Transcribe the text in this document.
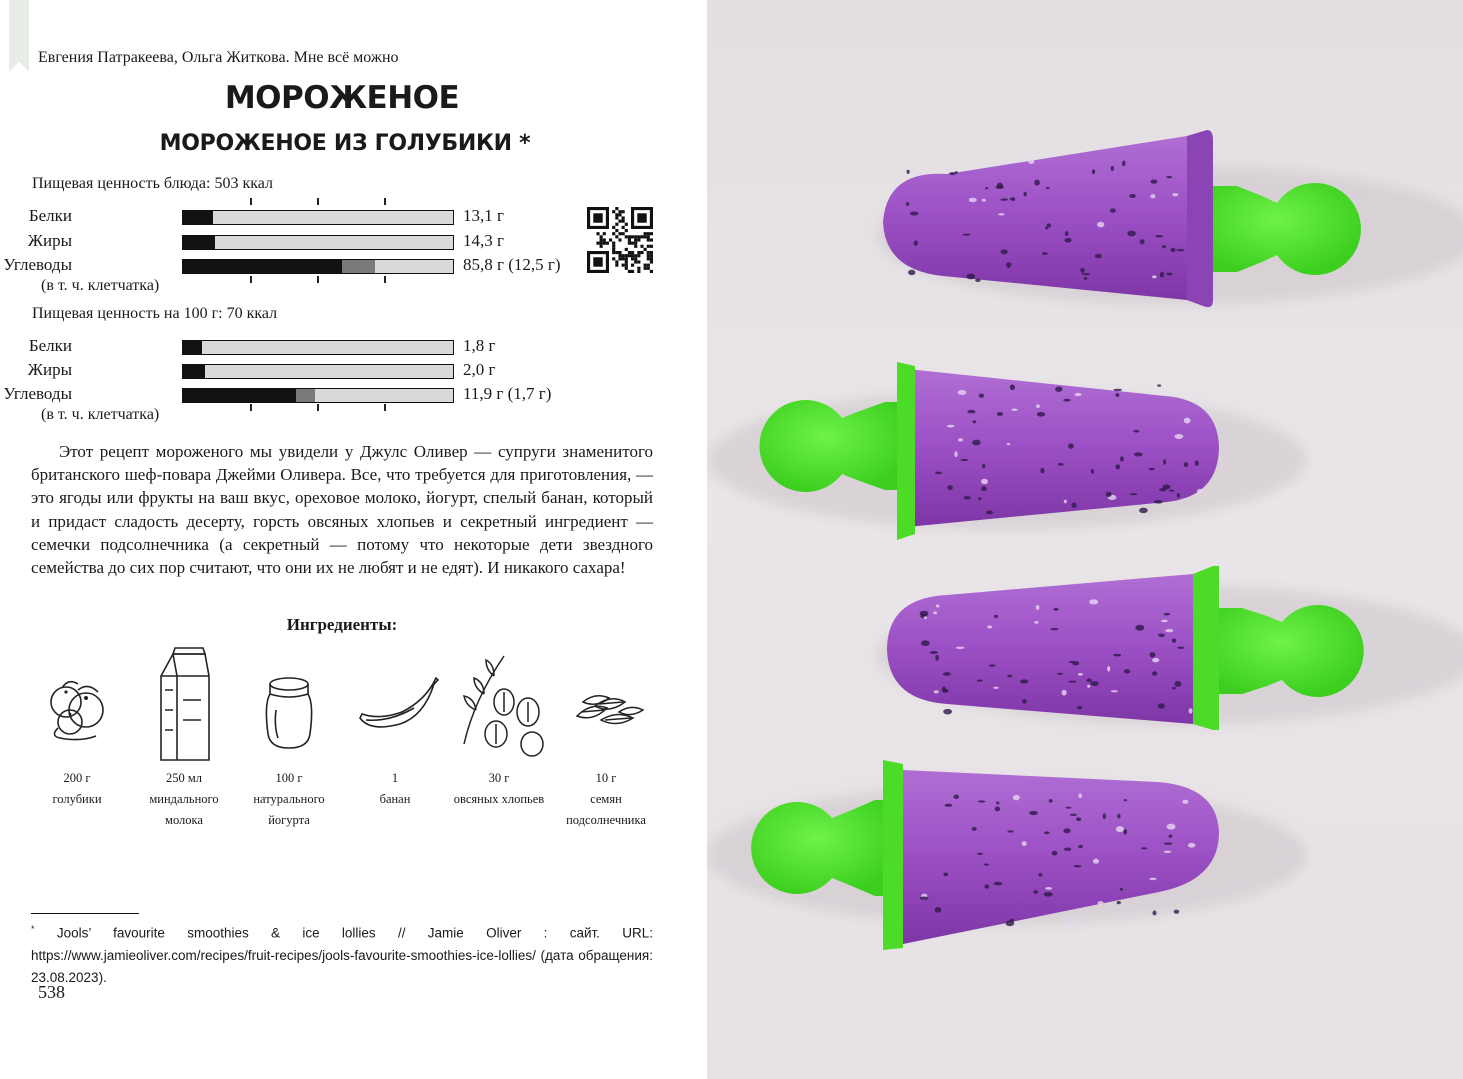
Евгения Патракеева, Ольга Житкова. Мне всё можно
МОРОЖЕНОЕ
МОРОЖЕНОЕ ИЗ ГОЛУБИКИ *
Пищевая ценность блюда: 503 ккал
Белки	13,1 г
Жиры	14,3 г
Углеводы	85,8 г (12,5 г)
(в т. ч. клетчатка)
Пищевая ценность на 100 г: 70 ккал
Белки	1,8 г
Жиры	2,0 г
Углеводы	11,9 г (1,7 г)
(в т. ч. клетчатка)

Этот рецепт мороженого мы увидели у Джулс Оливер — супруги знаменитого британского шеф-повара Джейми Оливера. Все, что требуется для приготовления, — это ягоды или фрукты на ваш вкус, ореховое молоко, йогурт, спелый банан, который и придаст сладость десерту, горсть овсяных хлопьев и секретный ингредиент — семечки подсолнечника (а секретный — потому что некоторые дети звездного семейства до сих пор считают, что они их не любят и не едят). И никакого сахара!

Ингредиенты:
200 г
голубики
250 мл
миндального
молока
100 г
натурального
йогурта
1
банан
30 г
овсяных хлопьев
10 г
семян
подсолнечника
* Jools’ favourite smoothies & ice lollies // Jamie Oliver : сайт. URL: https://www.jamieoliver.com/recipes/fruit-recipes/jools-favourite-smoothies-ice-lollies/ (дата обращения: 23.08.2023).
538
